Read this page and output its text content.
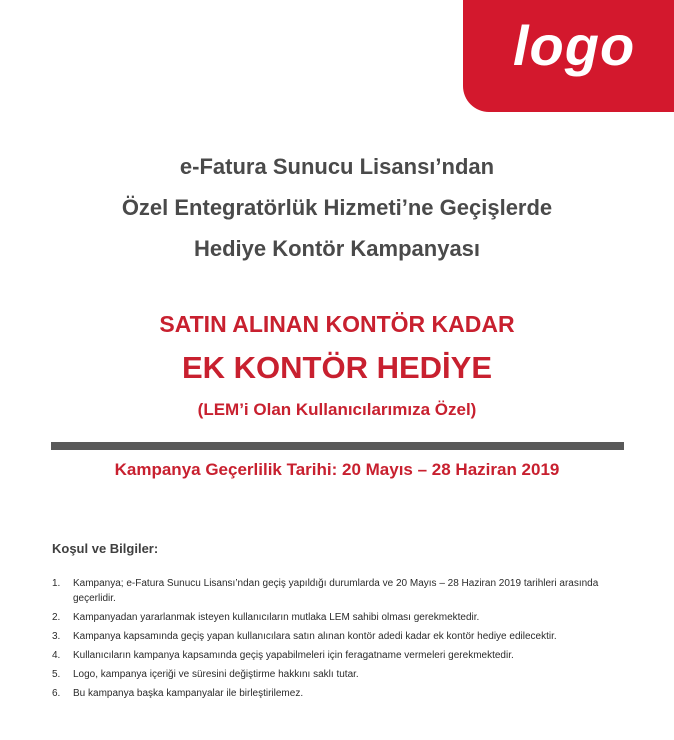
logo
e-Fatura Sunucu Lisansı’ndan
Özel Entegratörlük Hizmeti’ne Geçişlerde
Hediye Kontör Kampanyası
SATIN ALINAN KONTÖR KADAR
EK KONTÖR HEDİYE
(LEM’i Olan Kullanıcılarımıza Özel)
Kampanya Geçerlilik Tarihi: 20 Mayıs – 28 Haziran 2019
Koşul ve Bilgiler:
1.	Kampanya; e-Fatura Sunucu Lisansı’ndan geçiş yapıldığı durumlarda ve 20 Mayıs – 28 Haziran 2019 tarihleri arasında geçerlidir.
2.	Kampanyadan yararlanmak isteyen kullanıcıların mutlaka LEM sahibi olması gerekmektedir.
3.	Kampanya kapsamında geçiş yapan kullanıcılara satın alınan kontör adedi kadar ek kontör hediye edilecektir.
4.	Kullanıcıların kampanya kapsamında geçiş yapabilmeleri için feragatname vermeleri gerekmektedir.
5.	Logo, kampanya içeriği ve süresini değiştirme hakkını saklı tutar.
6.	Bu kampanya başka kampanyalar ile birleştirilemez.
